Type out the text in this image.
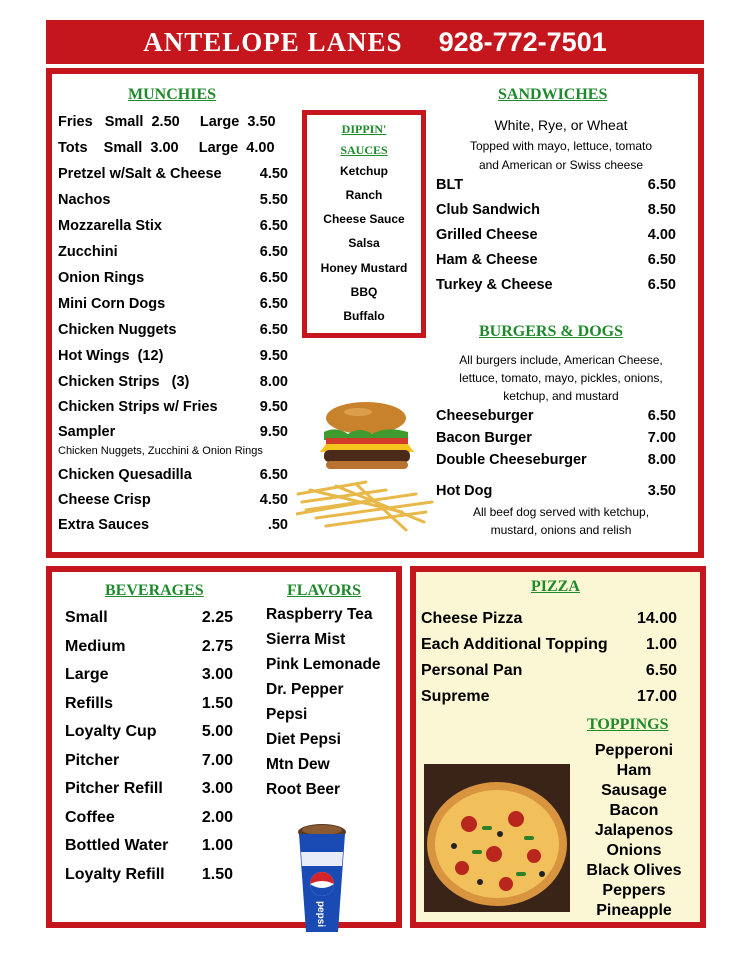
ANTELOPE LANES 928-772-7501
MUNCHIES
Fries   Small  2.50     Large  3.50
Tots    Small  3.00     Large  4.00
Pretzel w/Salt & Cheese	4.50
Nachos	5.50
Mozzarella Stix	6.50
Zucchini	6.50
Onion Rings	6.50
Mini Corn Dogs	6.50
Chicken Nuggets	6.50
Hot Wings  (12)	9.50
Chicken Strips   (3)	8.00
Chicken Strips w/ Fries	9.50
Sampler	9.50
Chicken Nuggets, Zucchini & Onion Rings
Chicken Quesadilla	6.50
Cheese Crisp	4.50
Extra Sauces	.50
DIPPIN'
SAUCES
Ketchup
Ranch
Cheese Sauce
Salsa
Honey Mustard
BBQ
Buffalo
SANDWICHES
White, Rye, or Wheat
Topped with mayo, lettuce, tomato
and American or Swiss cheese
BLT	6.50
Club Sandwich	8.50
Grilled Cheese	4.00
Ham & Cheese	6.50
Turkey & Cheese	6.50
BURGERS & DOGS
All burgers include, American Cheese,
lettuce, tomato, mayo, pickles, onions,
ketchup, and mustard
Cheeseburger	6.50
Bacon Burger	7.00
Double Cheeseburger	8.00
Hot Dog	3.50
All beef dog served with ketchup,
mustard, onions and relish
BEVERAGES	FLAVORS
Small	2.25
Medium	2.75
Large	3.00
Refills	1.50
Loyalty Cup	5.00
Pitcher	7.00
Pitcher Refill 3.00
Coffee	2.00
Bottled Water 1.00
Loyalty Refill 1.50
Raspberry Tea
Sierra Mist
Pink Lemonade
Dr. Pepper
Pepsi
Diet Pepsi
Mtn Dew
Root Beer
pepsi
PIZZA
Cheese Pizza	14.00
Each Additional Topping 1.00
Personal Pan	6.50
Supreme	17.00
TOPPINGS
Pepperoni
Ham
Sausage
Bacon
Jalapenos
Onions
Black Olives
Peppers
Pineapple
